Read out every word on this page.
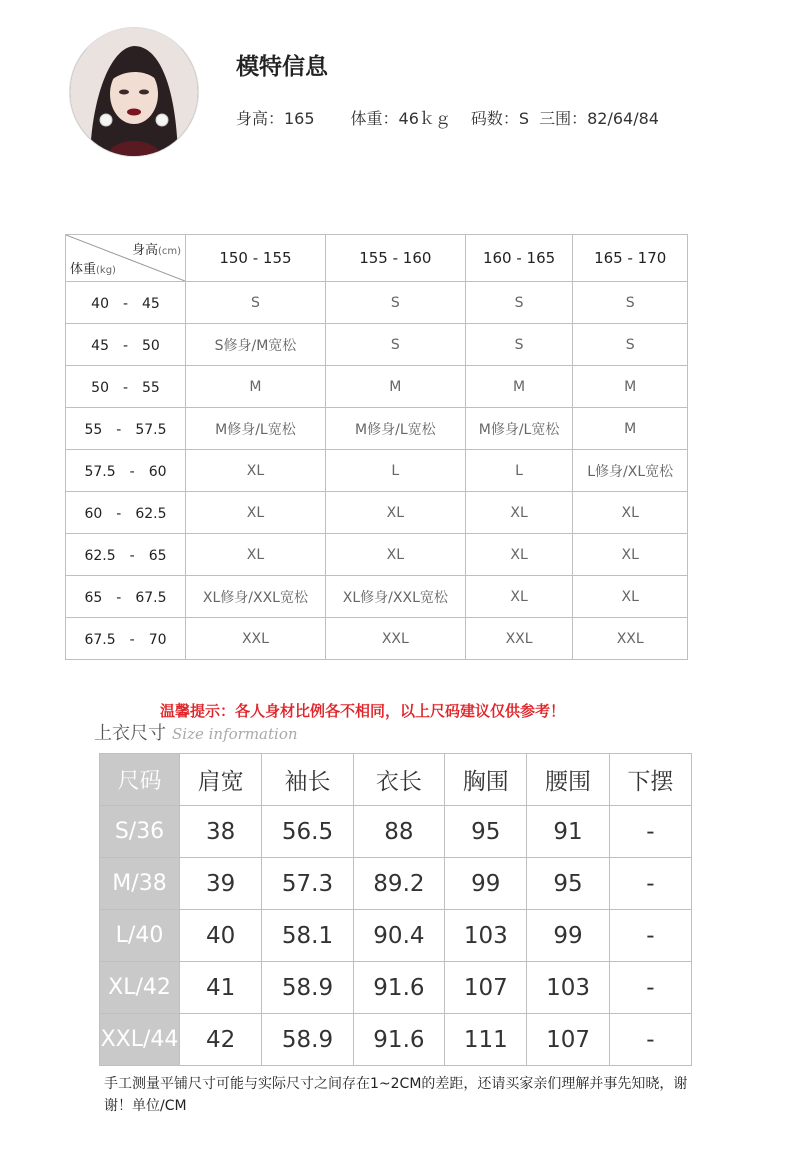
模特信息
身高：165 体重：46ｋｇ 码数：S 三围：82/64/84
身高(cm)
体重(kg)	150 - 155	155 - 160	160 - 165	165 - 170
40　-　45	S	S	S	S
45　-　50	S修身/M宽松	S	S	S
50　-　55	M	M	M	M
55　-　57.5	M修身/L宽松	M修身/L宽松	M修身/L宽松	M
57.5　-　60	XL	L	L	L修身/XL宽松
60　-　62.5	XL	XL	XL	XL
62.5　-　65	XL	XL	XL	XL
65　-　67.5	XL修身/XXL宽松	XL修身/XXL宽松	XL	XL
67.5　-　70	XXL	XXL	XXL	XXL
温馨提示：各人身材比例各不相同，以上尺码建议仅供参考！
上衣尺寸 Size information
尺码	肩宽	袖长	衣长	胸围	腰围	下摆
S/36	38	56.5	88	95	91	-
M/38	39	57.3	89.2	99	95	-
L/40	40	58.1	90.4	103	99	-
XL/42	41	58.9	91.6	107	103	-
XXL/44	42	58.9	91.6	111	107	-
手工测量平铺尺寸可能与实际尺寸之间存在1~2CM的差距，还请买家亲们理解并事先知晓，谢谢！单位/CM
